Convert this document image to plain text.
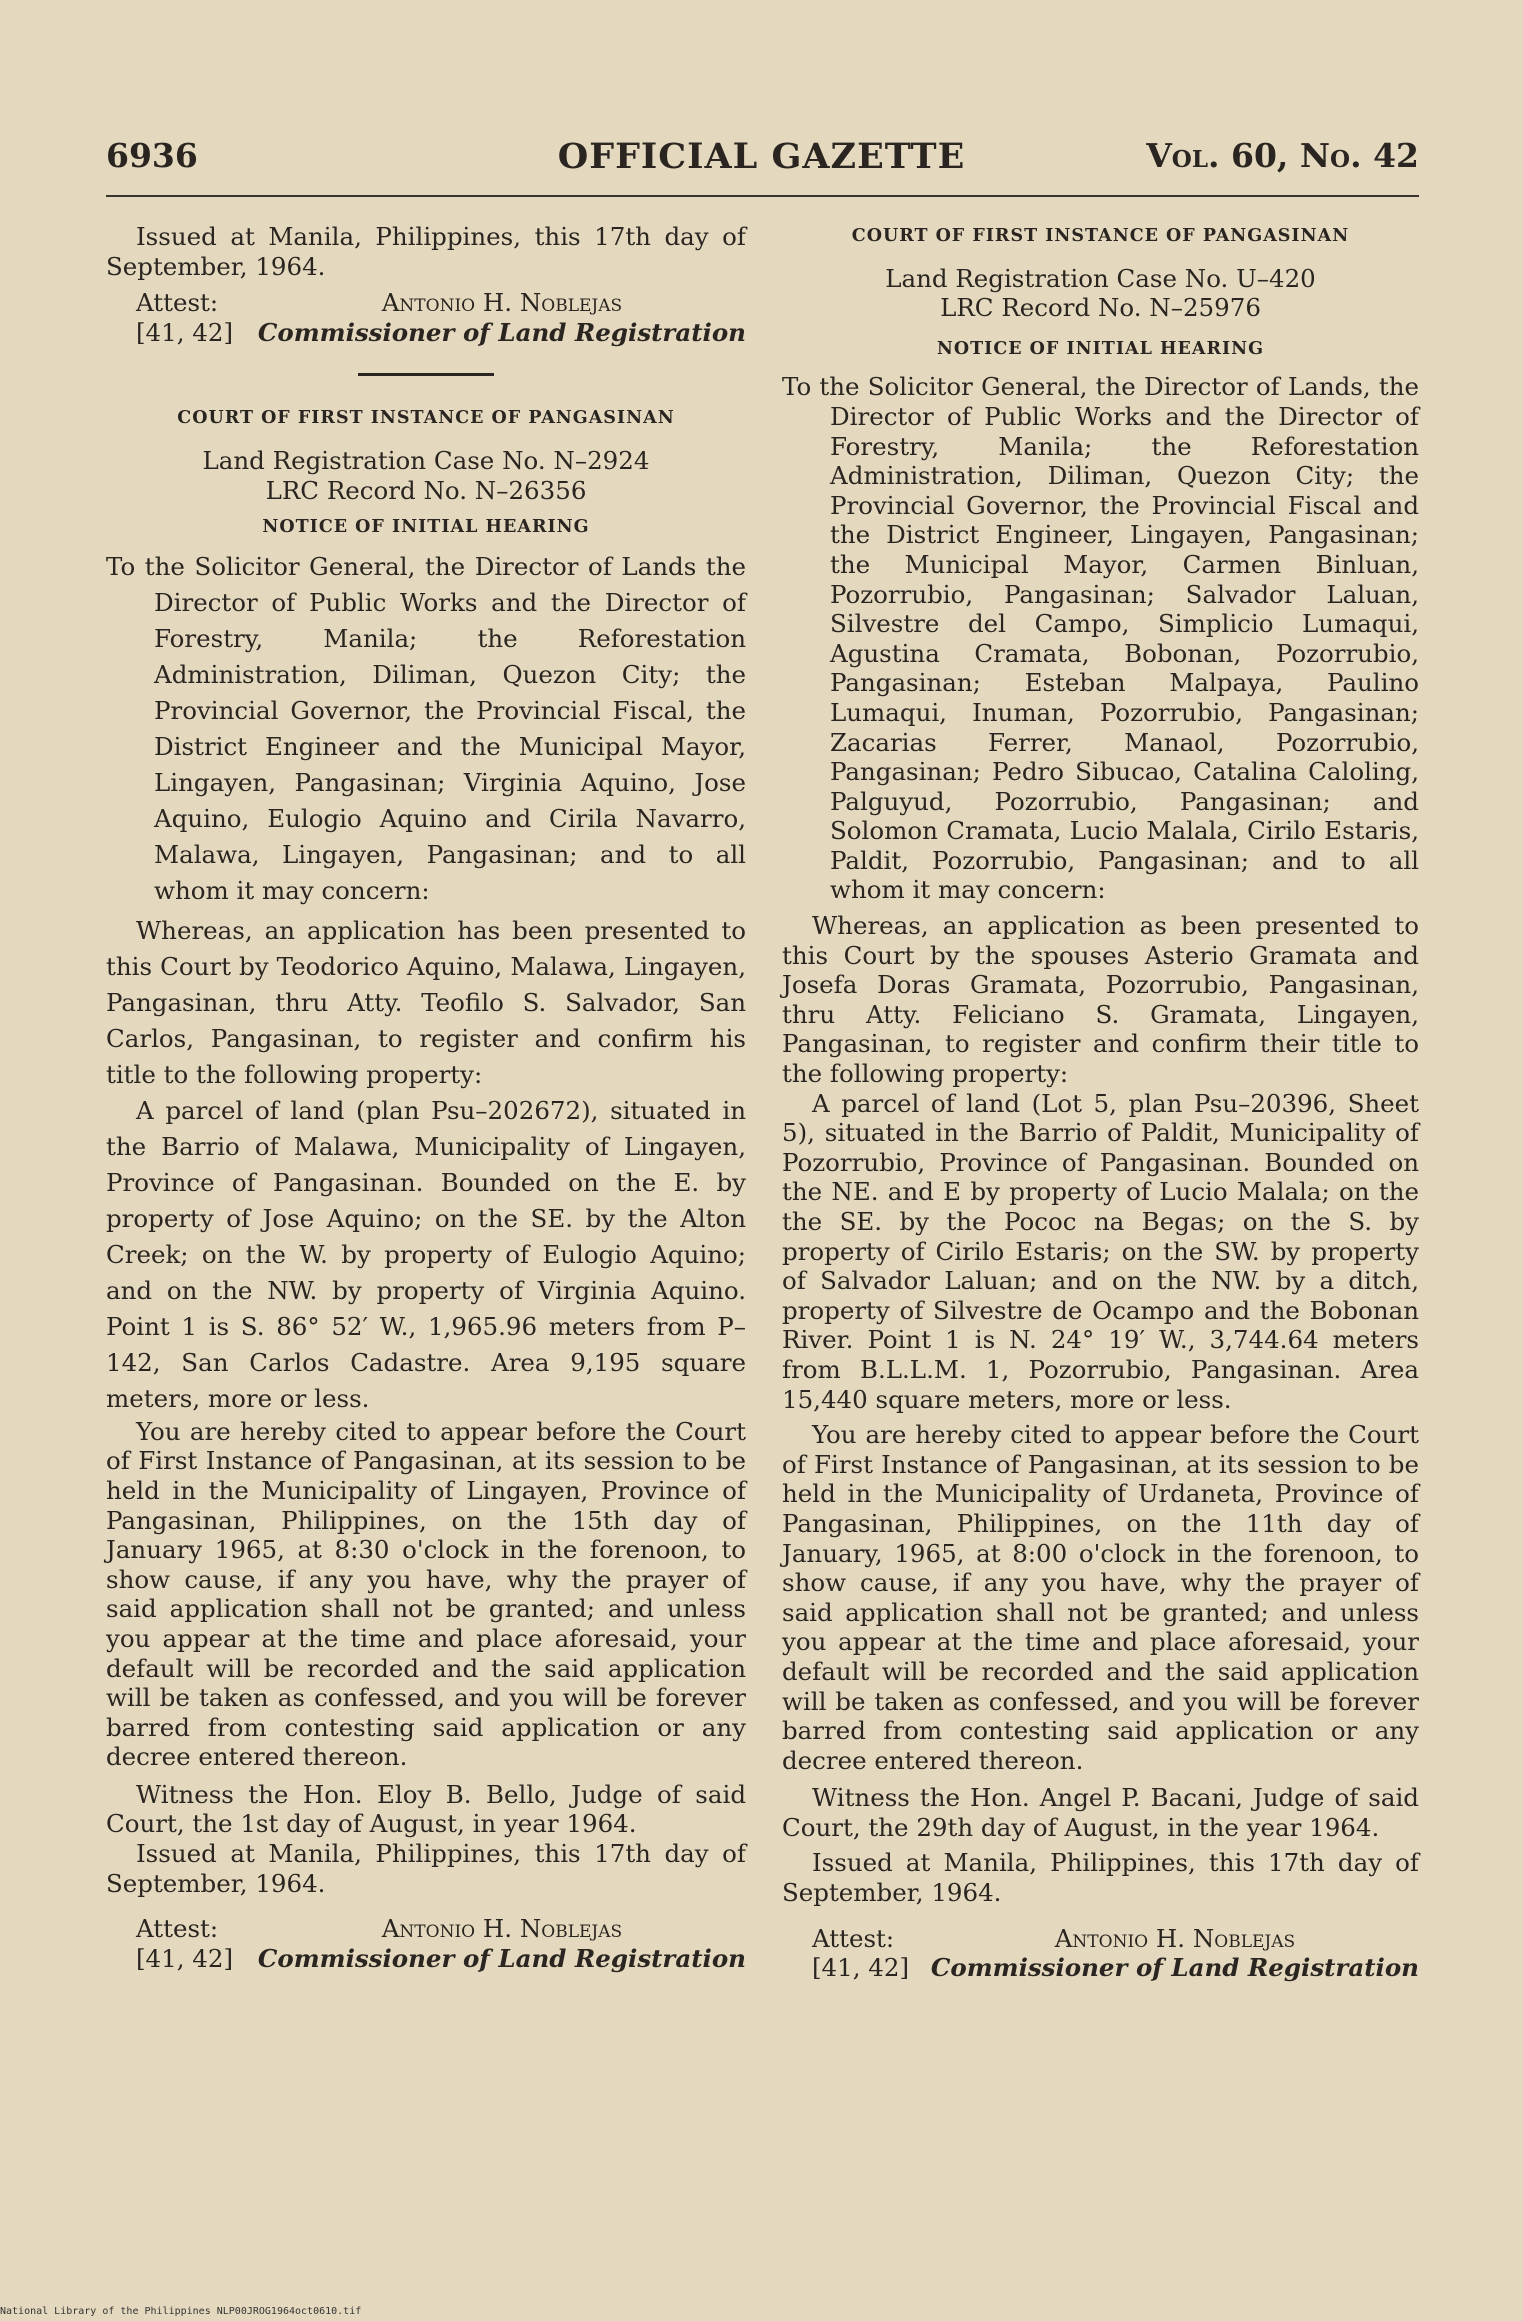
6936	OFFICIAL GAZETTE	Vol. 60, No. 42

Issued at Manila, Philippines, this 17th day of September, 1964.

Attest:
[41, 42]
Antonio H. Noblejas
Commissioner of Land Registration

COURT OF FIRST INSTANCE OF PANGASINAN

Land Registration Case No. N–2924

LRC Record No. N–26356

NOTICE OF INITIAL HEARING

To the Solicitor General, the Director of Lands the Director of Public Works and the Director of Forestry, Manila; the Reforestation Administration, Diliman, Quezon City; the Provincial Governor, the Provincial Fiscal, the District Engineer and the Municipal Mayor, Lingayen, Pangasinan; Virginia Aquino, Jose Aquino, Eulogio Aquino and Cirila Navarro, Malawa, Lingayen, Pangasinan; and to all whom it may concern:

Whereas, an application has been presented to this Court by Teodorico Aquino, Malawa, Lingayen, Pangasinan, thru Atty. Teofilo S. Salvador, San Carlos, Pangasinan, to register and confirm his title to the following property:

A parcel of land (plan Psu–202672), situated in the Barrio of Malawa, Municipality of Lingayen, Province of Pangasinan. Bounded on the E. by property of Jose Aquino; on the SE. by the Alton Creek; on the W. by property of Eulogio Aquino; and on the NW. by property of Virginia Aquino. Point 1 is S. 86° 52′ W., 1,965.96 meters from P–142, San Carlos Cadastre. Area 9,195 square meters, more or less.

You are hereby cited to appear before the Court of First Instance of Pangasinan, at its session to be held in the Municipality of Lingayen, Province of Pangasinan, Philippines, on the 15th day of January 1965, at 8:30 o'clock in the forenoon, to show cause, if any you have, why the prayer of said application shall not be granted; and unless you appear at the time and place aforesaid, your default will be recorded and the said application will be taken as confessed, and you will be forever barred from contesting said application or any decree entered thereon.

Witness the Hon. Eloy B. Bello, Judge of said Court, the 1st day of August, in year 1964.

Issued at Manila, Philippines, this 17th day of September, 1964.

Attest:
[41, 42]
Antonio H. Noblejas
Commissioner of Land Registration

COURT OF FIRST INSTANCE OF PANGASINAN

Land Registration Case No. U–420

LRC Record No. N–25976

NOTICE OF INITIAL HEARING

To the Solicitor General, the Director of Lands, the Director of Public Works and the Director of Forestry, Manila; the Reforestation Administration, Diliman, Quezon City; the Provincial Governor, the Provincial Fiscal and the District Engineer, Lingayen, Pangasinan; the Municipal Mayor, Carmen Binluan, Pozorrubio, Pangasinan; Salvador Laluan, Silvestre del Campo, Simplicio Lumaqui, Agustina Cramata, Bobonan, Pozorrubio, Pangasinan; Esteban Malpaya, Paulino Lumaqui, Inuman, Pozorrubio, Pangasinan; Zacarias Ferrer, Manaol, Pozorrubio, Pangasinan; Pedro Sibucao, Catalina Caloling, Palguyud, Pozorrubio, Pangasinan; and Solomon Cramata, Lucio Malala, Cirilo Estaris, Paldit, Pozorrubio, Pangasinan; and to all whom it may concern:

Whereas, an application as been presented to this Court by the spouses Asterio Gramata and Josefa Doras Gramata, Pozorrubio, Pangasinan, thru Atty. Feliciano S. Gramata, Lingayen, Pangasinan, to register and confirm their title to the following property:

A parcel of land (Lot 5, plan Psu–20396, Sheet 5), situated in the Barrio of Paldit, Municipality of Pozorrubio, Province of Pangasinan. Bounded on the NE. and E by property of Lucio Malala; on the the SE. by the Pococ na Begas; on the S. by property of Cirilo Estaris; on the SW. by property of Salvador Laluan; and on the NW. by a ditch, property of Silvestre de Ocampo and the Bobonan River. Point 1 is N. 24° 19′ W., 3,744.64 meters from B.L.L.M. 1, Pozorrubio, Pangasinan. Area 15,440 square meters, more or less.

You are hereby cited to appear before the Court of First Instance of Pangasinan, at its session to be held in the Municipality of Urdaneta, Province of Pangasinan, Philippines, on the 11th day of January, 1965, at 8:00 o'clock in the forenoon, to show cause, if any you have, why the prayer of said application shall not be granted; and unless you appear at the time and place aforesaid, your default will be recorded and the said application will be taken as confessed, and you will be forever barred from contesting said application or any decree entered thereon.

Witness the Hon. Angel P. Bacani, Judge of said Court, the 29th day of August, in the year 1964.

Issued at Manila, Philippines, this 17th day of September, 1964.

Attest:
[41, 42]
Antonio H. Noblejas
Commissioner of Land Registration
National Library of the Philippines NLP00JROG1964oct0610.tif
